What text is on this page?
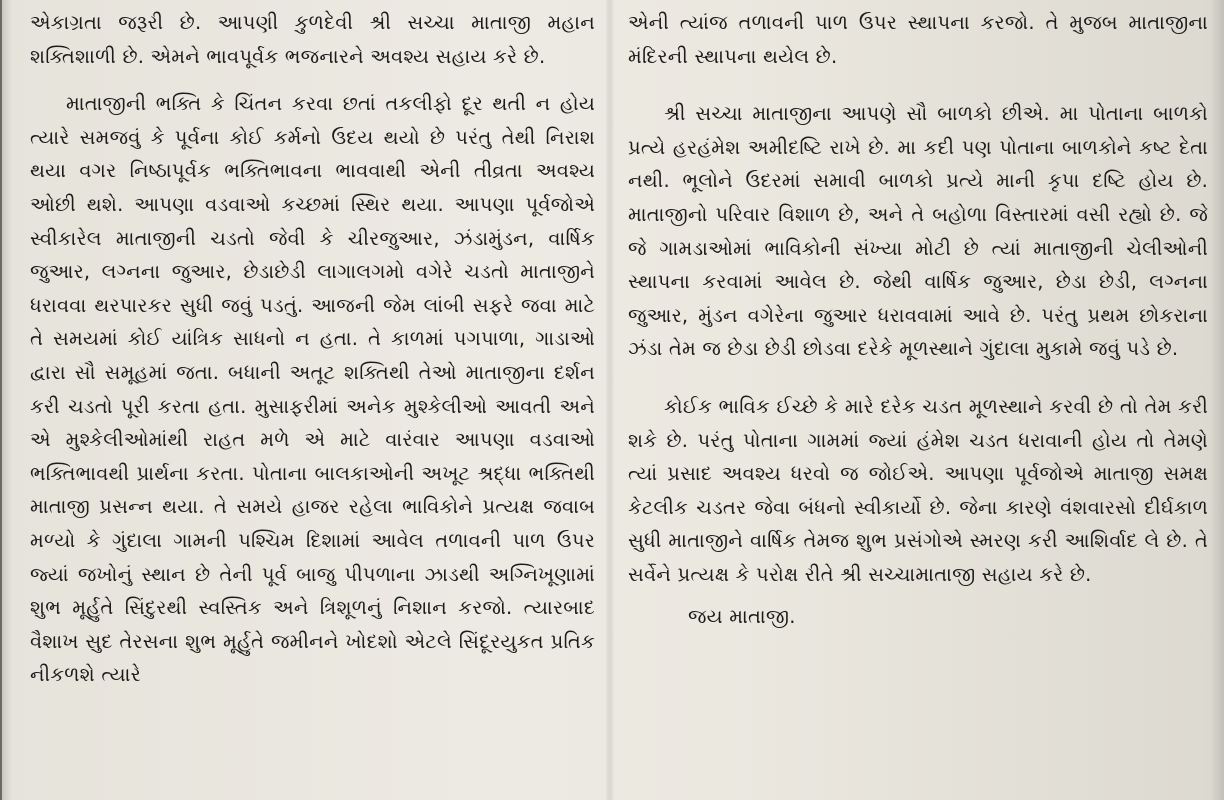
એકાગ્રતા જરૂરી છે. આપણી કુળદેવી શ્રી સચ્ચા માતાજી મહાન શક્તિશાળી છે. એમને ભાવપૂર્વક ભજનારને અવશ્ય સહાય કરે છે.

માતાજીની ભક્તિ કે ચિંતન કરવા છતાં તકલીફો દૂર થતી ન હોય ત્યારે સમજવું કે પૂર્વના કોઈ કર્મનો ઉદય થયો છે પરંતુ તેથી નિરાશ થયા વગર નિષ્ઠાપૂર્વક ભક્તિભાવના ભાવવાથી એની તીવ્રતા અવશ્ય ઓછી થશે. આપણા વડવાઓ કચ્છમાં સ્થિર થયા. આપણા પૂર્વજોએ સ્વીકારેલ માતાજીની ચડતો જેવી કે ચીરજુઆર, ઝંડામુંડન, વાર્ષિક જુઆર, લગ્નના જુઆર, છેડાછેડી લાગાલગમો વગેરે ચડતો માતાજીને ધરાવવા થરપારકર સુધી જવું પડતું. આજની જેમ લાંબી સફરે જવા માટે તે સમયમાં કોઈ યાંત્રિક સાધનો ન હતા. તે કાળમાં પગપાળા, ગાડાઓ દ્વારા સૌ સમૂહમાં જતા. બધાની અતૂટ શક્તિથી તેઓ માતાજીના દર્શન કરી ચડતો પૂરી કરતા હતા. મુસાફરીમાં અનેક મુશ્કેલીઓ આવતી અને એ મુશ્કેલીઓમાંથી રાહત મળે એ માટે વારંવાર આપણા વડવાઓ ભક્તિભાવથી પ્રાર્થના કરતા. પોતાના બાલકાઓની અખૂટ શ્રદ્ધા ભક્તિથી માતાજી પ્રસન્ન થયા. તે સમયે હાજર રહેલા ભાવિકોને પ્રત્યક્ષ જવાબ મળ્યો કે ગુંદાલા ગામની પશ્ચિમ દિશામાં આવેલ તળાવની પાળ ઉપર જ્યાં જખોનું સ્થાન છે તેની પૂર્વ બાજુ પીપળાના ઝાડથી અગ્નિખૂણામાં શુભ મૂર્હુતે સિંદુરથી સ્વસ્તિક અને ત્રિશૂળનું નિશાન કરજો. ત્યારબાદ વૈશાખ સુદ તેરસના શુભ મૂર્હુતે જમીનને ખોદશો એટલે સિંદૂરયુકત પ્રતિક નીકળશે ત્યારે

એની ત્યાંજ તળાવની પાળ ઉપર સ્થાપના કરજો. તે મુજબ માતાજીના મંદિરની સ્થાપના થયેલ છે.

શ્રી સચ્ચા માતાજીના આપણે સૌ બાળકો છીએ. મા પોતાના બાળકો પ્રત્યે હરહંમેશ અમીદષ્ટિ રાખે છે. મા કદી પણ પોતાના બાળકોને કષ્ટ દેતા નથી. ભૂલોને ઉદરમાં સમાવી બાળકો પ્રત્યે માની કૃપા દષ્ટિ હોય છે. માતાજીનો પરિવાર વિશાળ છે, અને તે બહોળા વિસ્તારમાં વસી રહ્યો છે. જે જે ગામડાઓમાં ભાવિકોની સંખ્યા મોટી છે ત્યાં માતાજીની ચેલીઓની સ્થાપના કરવામાં આવેલ છે. જેથી વાર્ષિક જુઆર, છેડા છેડી, લગ્નના જુઆર, મુંડન વગેરેના જુઆર ધરાવવામાં આવે છે. પરંતુ પ્રથમ છોકરાના ઝંડા તેમ જ છેડા છેડી છોડવા દરેકે મૂળસ્થાને ગુંદાલા મુકામે જવું પડે છે.

કોઈક ભાવિક ઈચ્છે કે મારે દરેક ચડત મૂળસ્થાને કરવી છે તો તેમ કરી શકે છે. પરંતુ પોતાના ગામમાં જ્યાં હંમેશ ચડત ધરાવાની હોય તો તેમણે ત્યાં પ્રસાદ અવશ્ય ધરવો જ જોઈએ. આપણા પૂર્વજોએ માતાજી સમક્ષ કેટલીક ચડતર જેવા બંધનો સ્વીકાર્યો છે. જેના કારણે વંશવારસો દીર્ઘકાળ સુધી માતાજીને વાર્ષિક તેમજ શુભ પ્રસંગોએ સ્મરણ કરી આશિર્વાદ લે છે. તે સર્વેને પ્રત્યક્ષ કે પરોક્ષ રીતે શ્રી સચ્ચામાતાજી સહાય કરે છે.

જય માતાજી.
